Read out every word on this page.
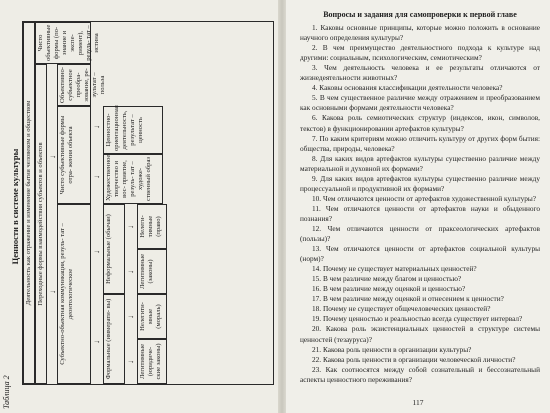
Таблица 2
Ценности в системе культуры Деятельность как отражение и изменение бытия человеком и обществом Переходные формы взаимодействия субъектов и объектов
Чисто объективные формы (по- знание и экспе- римент), резуль- тат – истина
↓
↓
Субъектно-объектная коммуникация, резуль- тат – деонтологическое
Чисто субъективные формы отра- жения объекта
Объективно- субъектное преобра- зование, ре- зультат – польза
↓
↓
↓
↓
Формальные (иммерати- вы)
Неформальные (обычаи)
Художественное творчество и вос- приятие, резуль- тат – художе- ственный образ
Ценностно- ориентационная деятельность, результат – ценность
↓
↓
↓
↓
Легитимные (юридиче- ские законы)
Нелегити- мные (мораль)
Легитимные (законы)
Нелеги- тимные (право)
Вопросы и задания для самопроверки к первой главе

1. Каковы основные принципы, которые можно положить в основание научного определения культуры?

2. В чем преимущество деятельностного подхода к культуре над другими: социальным, психологическим, семиотическим?

3. Чем деятельность человека и ее результаты отличаются от жизнедеятельности животных?

4. Каковы основания классификации деятельности человека?

5. В чем существенное различие между отражением и преобразованием как основными формами деятельности человека?

6. Какова роль семиотических структур (индексов, икон, символов, текстов) в функционировании артефактов культуры?

7. По каким критериям можно отличить культуру от других форм бытия: общества, природы, человека?

8. Для каких видов артефактов культуры существенно различие между материальной и духовной их формами?

9. Для каких видов артефактов культуры существенно различие между процессуальной и продуктивной их формами?

10. Чем отличаются ценности от артефактов художественной культуры?

11. Чем отличаются ценности от артефактов науки и обыденного познания?

12. Чем отличаются ценности от праксеологических артефактов (пользы)?

13. Чем отличаются ценности от артефактов социальной культуры (норм)?

14. Почему не существует материальных ценностей?

15. В чем различие между благом и ценностью?

16. В чем различие между оценкой и ценностью?

17. В чем различие между оценкой и отнесением к ценности?

18. Почему не существует общечеловеческих ценностей?

19. Почему ценностью и реальностью всегда существует интервал?

20. Какова роль экзистенциальных ценностей в структуре системы ценностей (тезауруса)?

21. Какова роль ценности в организации культуры?

22. Какова роль ценности в организации человеческой личности?

23. Как соотносятся между собой сознательный и бессознательный аспекты ценностного переживания?

117
